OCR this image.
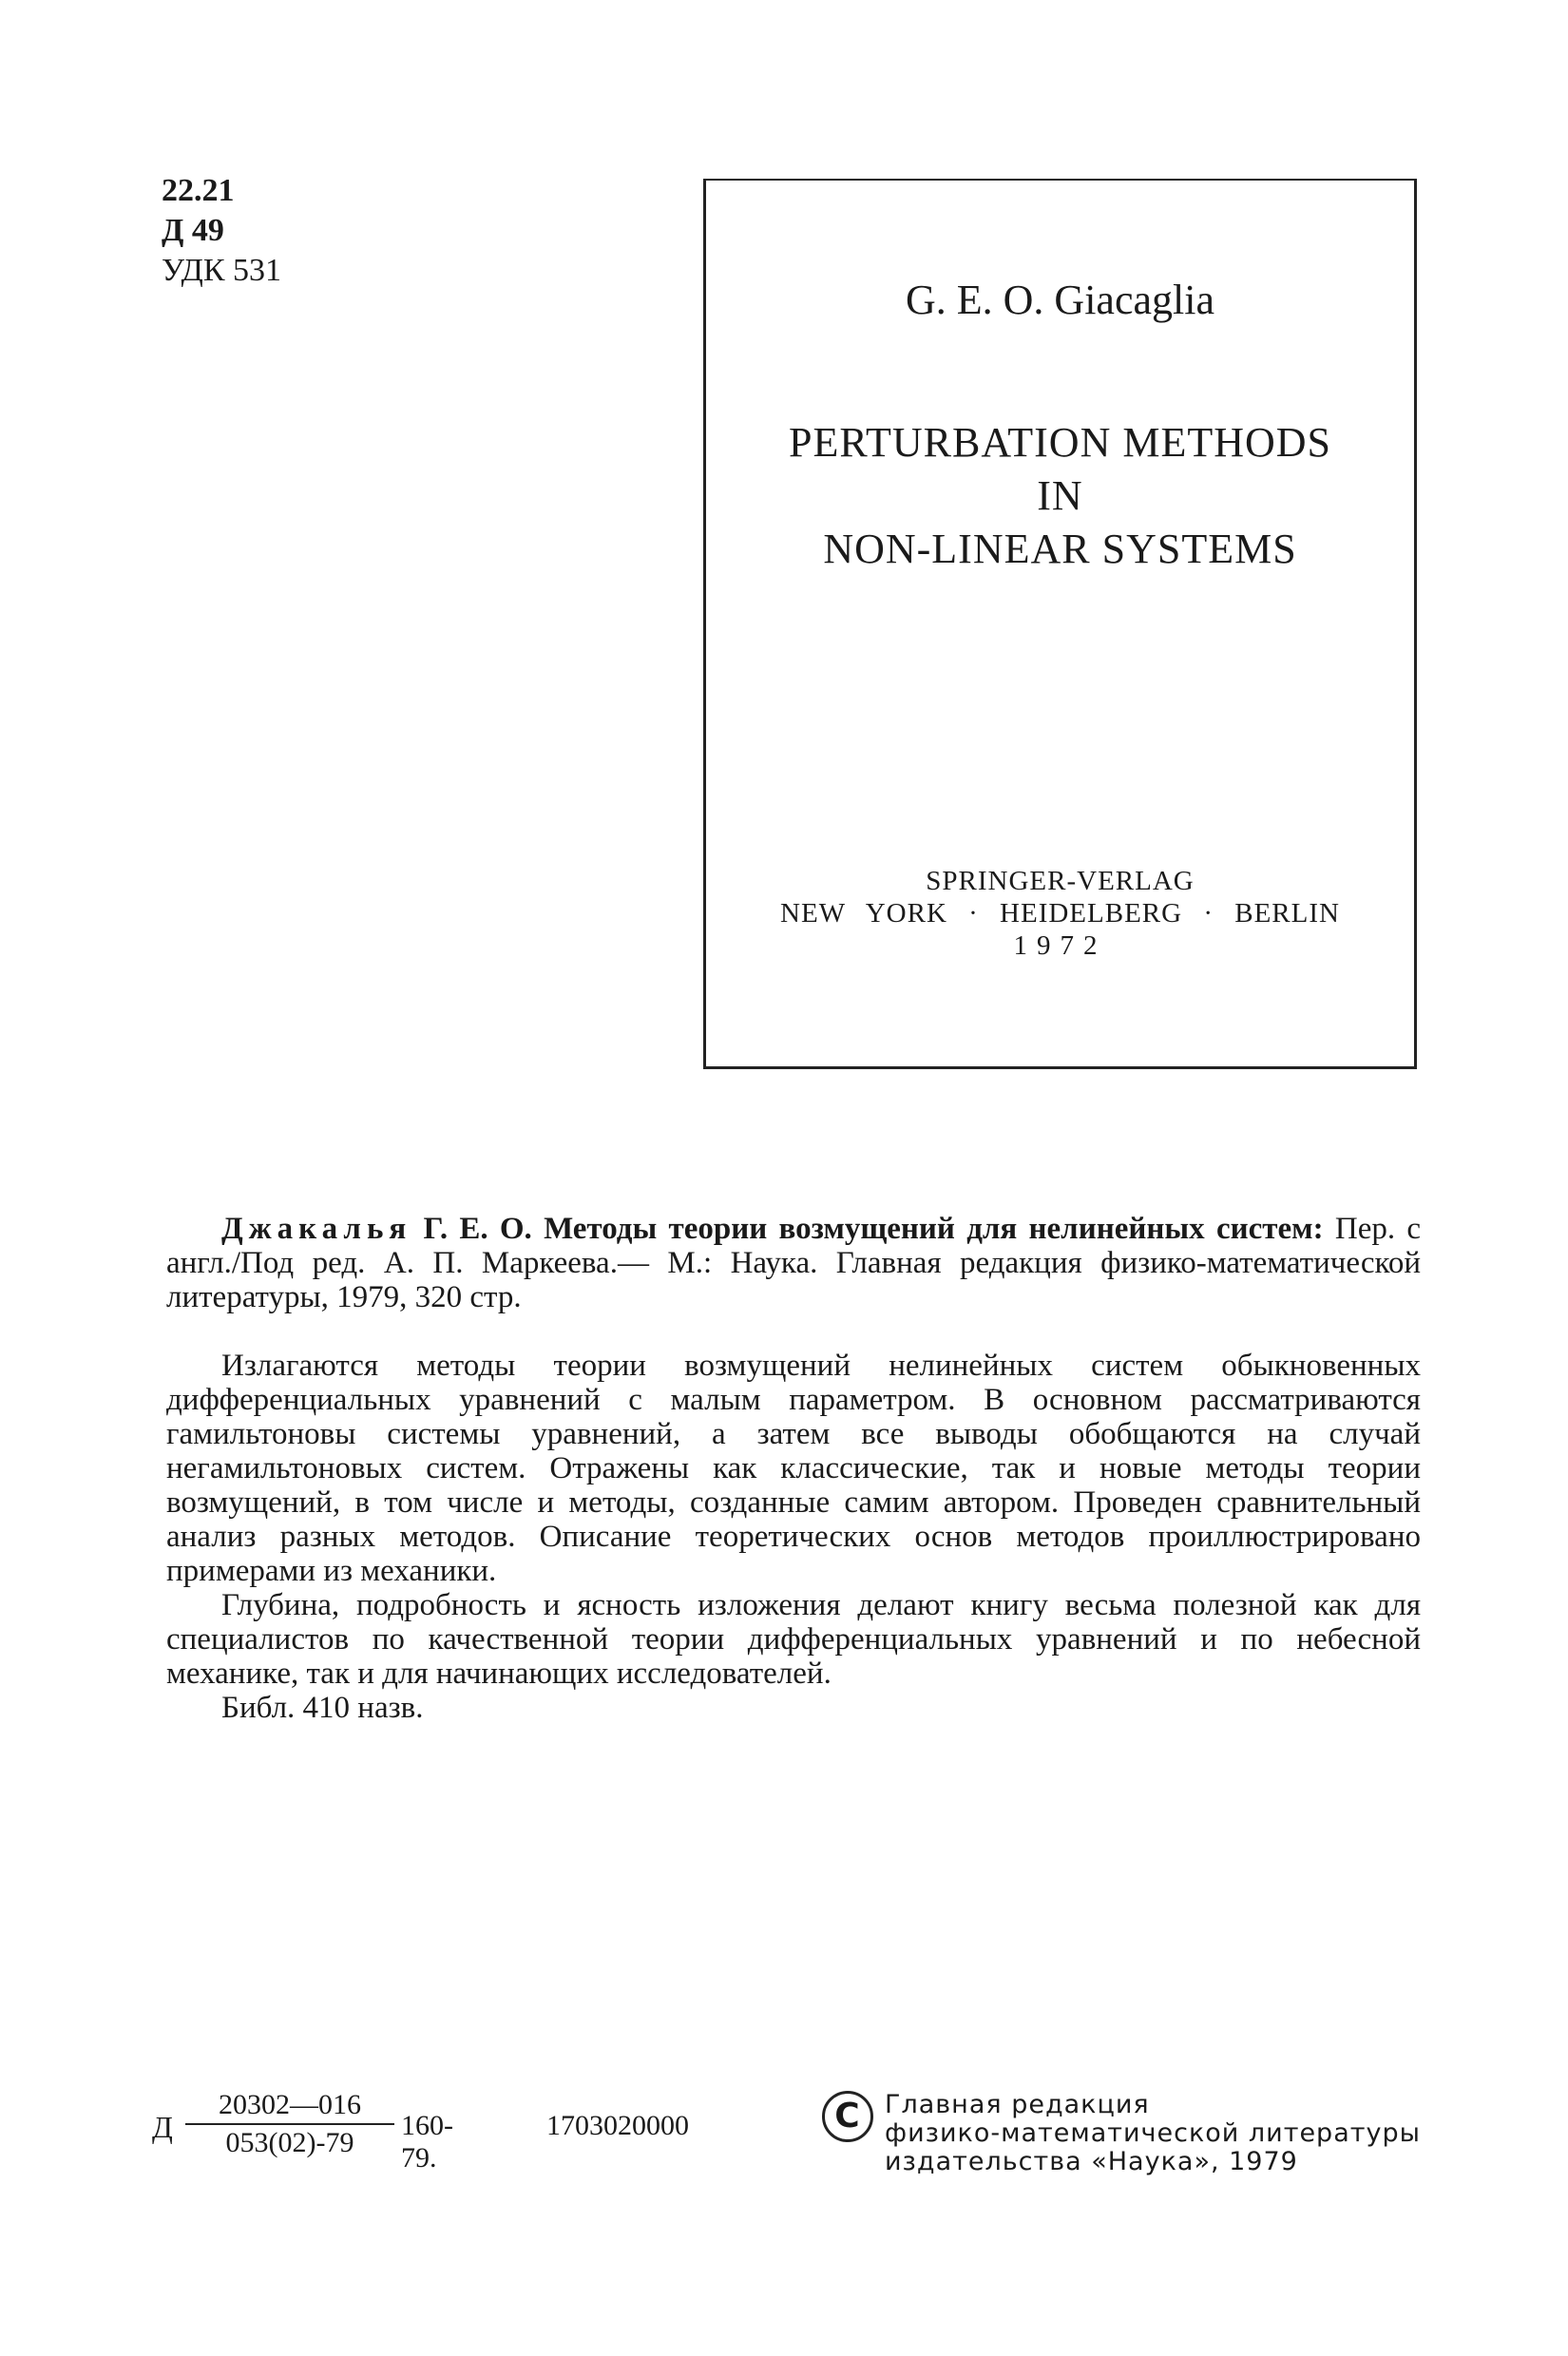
22.21
Д 49
УДК 531
G. E. O. Giacaglia
PERTURBATION METHODS
IN
NON-LINEAR SYSTEMS
SPRINGER-VERLAG
NEW YORK · HEIDELBERG · BERLIN
1972

Джакалья Г. Е. О. Методы теории возмущений для нелинейных систем: Пер. с англ./Под ред. А. П. Маркеева.— М.: Наука. Главная редакция физико-математической литературы, 1979, 320 стр.

Излагаются методы теории возмущений нелинейных систем обыкновенных дифференциальных уравнений с малым параметром. В основном рассматриваются гамильтоновы системы уравнений, а затем все выводы обобщаются на случай негамильтоновых систем. Отражены как классические, так и новые методы теории возмущений, в том числе и методы, созданные самим автором. Проведен сравнительный анализ разных методов. Описание теоретических основ методов проиллюстрировано примерами из механики.

Глубина, подробность и ясность изложения делают книгу весьма полезной как для специалистов по качественной теории дифференциальных уравнений и по небесной механике, так и для начинающих исследователей.

Библ. 410 назв.

Д $\frac{20302—016}{053(02)-79} 160-79$.
1703020000	C Главная редакция
физико-математической литературы
издательства «Наука», 1979
